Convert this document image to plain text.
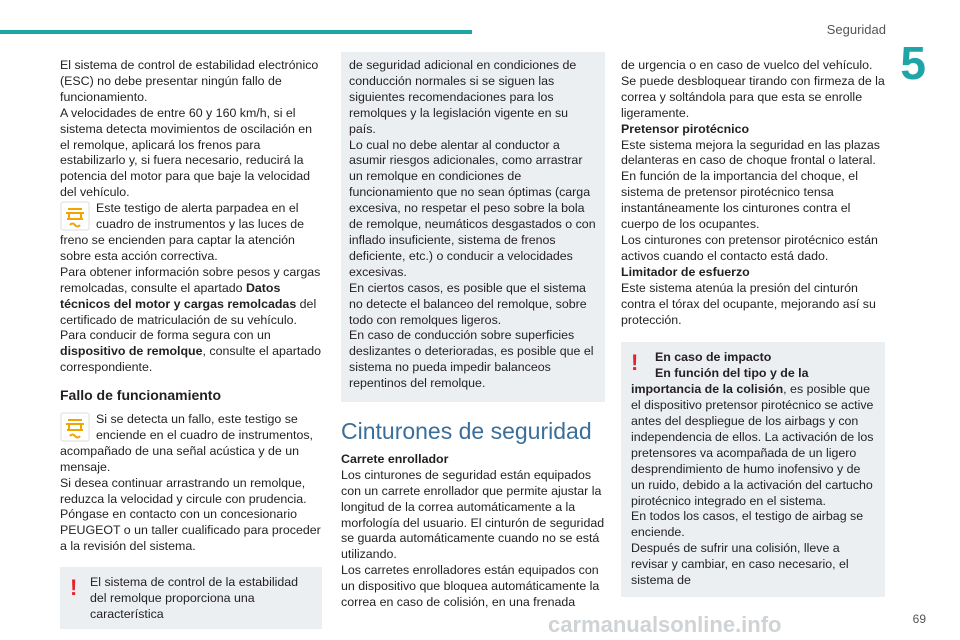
Seguridad
5

El sistema de control de estabilidad electrónico (ESC) no debe presentar ningún fallo de funcionamiento.

A velocidades de entre 60 y 160 km/h, si el sistema detecta movimientos de oscilación en el remolque, aplicará los frenos para estabilizarlo y, si fuera necesario, reducirá la potencia del motor para que baje la velocidad del vehículo.

Este testigo de alerta parpadea en el cuadro de instrumentos y las luces de freno se encienden para captar la atención sobre esta acción correctiva.

Para obtener información sobre pesos y cargas remolcadas, consulte el apartado Datos técnicos del motor y cargas remolcadas del certificado de matriculación de su vehículo.

Para conducir de forma segura con un dispositivo de remolque, consulte el apartado correspondiente.

Fallo de funcionamiento

Si se detecta un fallo, este testigo se enciende en el cuadro de instrumentos, acompañado de una señal acústica y de un mensaje.

Si desea continuar arrastrando un remolque, reduzca la velocidad y circule con prudencia.

Póngase en contacto con un concesionario PEUGEOT o un taller cualificado para proceder a la revisión del sistema.

! El sistema de control de la estabilidad del remolque proporciona una característica

de seguridad adicional en condiciones de conducción normales si se siguen las siguientes recomendaciones para los remolques y la legislación vigente en su país.

Lo cual no debe alentar al conductor a asumir riesgos adicionales, como arrastrar un remolque en condiciones de funcionamiento que no sean óptimas (carga excesiva, no respetar el peso sobre la bola de remolque, neumáticos desgastados o con inflado insuficiente, sistema de frenos deficiente, etc.) o conducir a velocidades excesivas.

En ciertos casos, es posible que el sistema no detecte el balanceo del remolque, sobre todo con remolques ligeros.

En caso de conducción sobre superficies deslizantes o deterioradas, es posible que el sistema no pueda impedir balanceos repentinos del remolque.

Cinturones de seguridad

Carrete enrollador

Los cinturones de seguridad están equipados con un carrete enrollador que permite ajustar la longitud de la correa automáticamente a la morfología del usuario. El cinturón de seguridad se guarda automáticamente cuando no se está utilizando.

Los carretes enrolladores están equipados con un dispositivo que bloquea automáticamente la correa en caso de colisión, en una frenada

de urgencia o en caso de vuelco del vehículo. Se puede desbloquear tirando con firmeza de la correa y soltándola para que esta se enrolle ligeramente.

Pretensor pirotécnico

Este sistema mejora la seguridad en las plazas delanteras en caso de choque frontal o lateral.

En función de la importancia del choque, el sistema de pretensor pirotécnico tensa instantáneamente los cinturones contra el cuerpo de los ocupantes.

Los cinturones con pretensor pirotécnico están activos cuando el contacto está dado.

Limitador de esfuerzo

Este sistema atenúa la presión del cinturón contra el tórax del ocupante, mejorando así su protección.

!	En caso de impacto

En función del tipo y de la importancia de la colisión, es posible que el dispositivo pretensor pirotécnico se active antes del despliegue de los airbags y con independencia de ellos. La activación de los pretensores va acompañada de un ligero desprendimiento de humo inofensivo y de un ruido, debido a la activación del cartucho pirotécnico integrado en el sistema.

En todos los casos, el testigo de airbag se enciende.

Después de sufrir una colisión, lleve a revisar y cambiar, en caso necesario, el sistema de

carmanualsonline.info	69
